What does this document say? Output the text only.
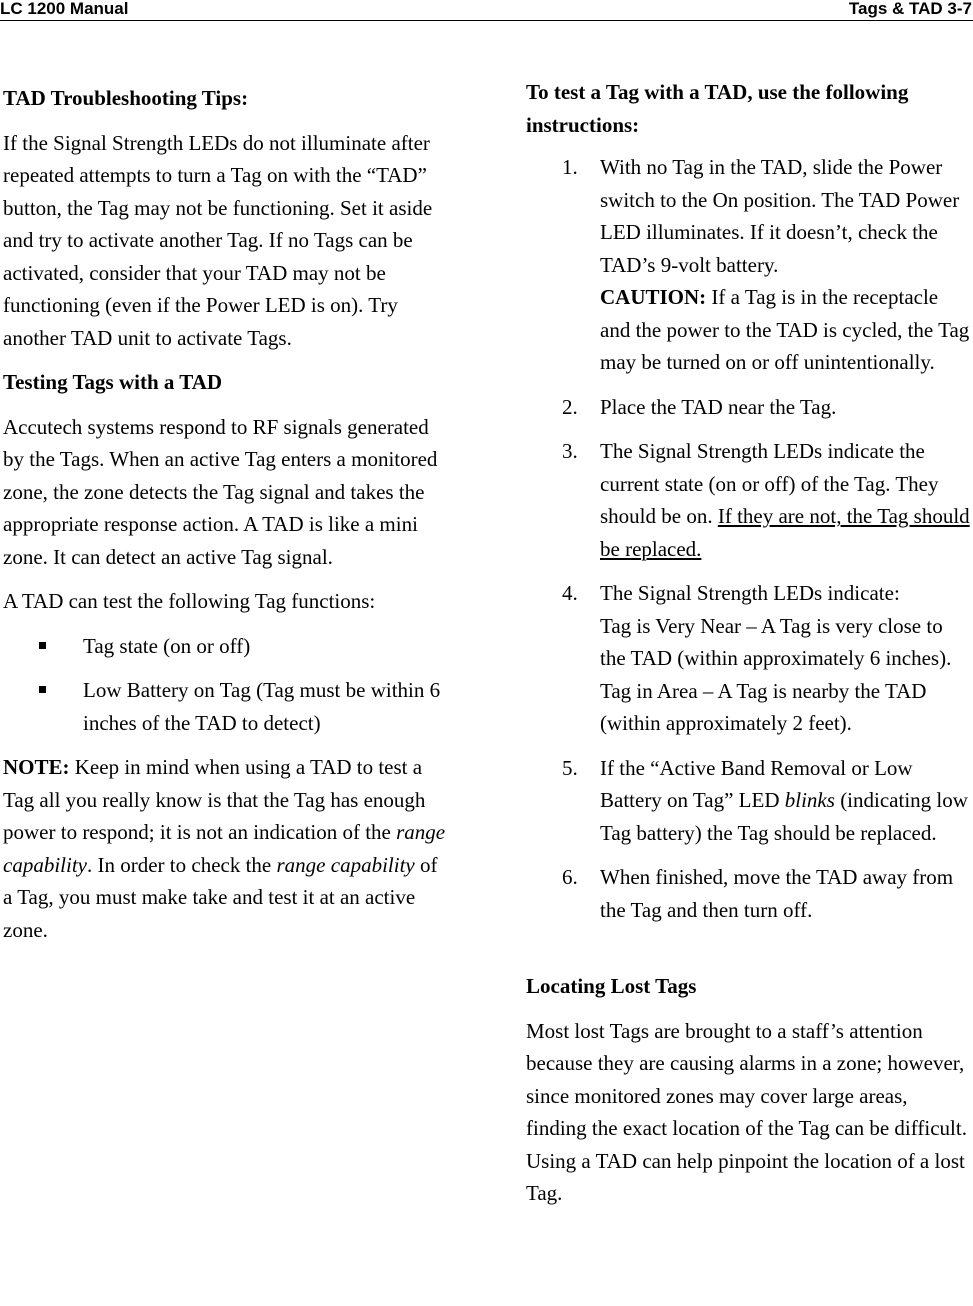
LC 1200 Manual	Tags & TAD 3-7

TAD Troubleshooting Tips:

If the Signal Strength LEDs do not illuminate after repeated attempts to turn a Tag on with the “TAD” button, the Tag may not be functioning. Set it aside and try to activate another Tag. If no Tags can be activated, consider that your TAD may not be functioning (even if the Power LED is on). Try another TAD unit to activate Tags.

Testing Tags with a TAD

Accutech systems respond to RF signals generated by the Tags. When an active Tag enters a monitored zone, the zone detects the Tag signal and takes the appropriate response action. A TAD is like a mini zone. It can detect an active Tag signal.

A TAD can test the following Tag functions:

Tag state (on or off)
Low Battery on Tag (Tag must be within 6 inches of the TAD to detect)

NOTE: Keep in mind when using a TAD to test a Tag all you really know is that the Tag has enough power to respond; it is not an indication of the range capability. In order to check the range capability of a Tag, you must make take and test it at an active zone.

To test a Tag with a TAD, use the following instructions:

1. With no Tag in the TAD, slide the Power switch to the On position. The TAD Power LED illuminates. If it doesn’t, check the TAD’s 9-volt battery.
CAUTION: If a Tag is in the receptacle and the power to the TAD is cycled, the Tag may be turned on or off unintentionally.
2. Place the TAD near the Tag.
3. The Signal Strength LEDs indicate the current state (on or off) of the Tag. They should be on. If they are not, the Tag should be replaced.
4. The Signal Strength LEDs indicate:
Tag is Very Near – A Tag is very close to the TAD (within approximately 6 inches).
Tag in Area – A Tag is nearby the TAD (within approximately 2 feet).
5. If the “Active Band Removal or Low Battery on Tag” LED blinks (indicating low Tag battery) the Tag should be replaced.
6. When finished, move the TAD away from the Tag and then turn off.

Locating Lost Tags

Most lost Tags are brought to a staff’s attention because they are causing alarms in a zone; however, since monitored zones may cover large areas, finding the exact location of the Tag can be difficult. Using a TAD can help pinpoint the location of a lost Tag.
